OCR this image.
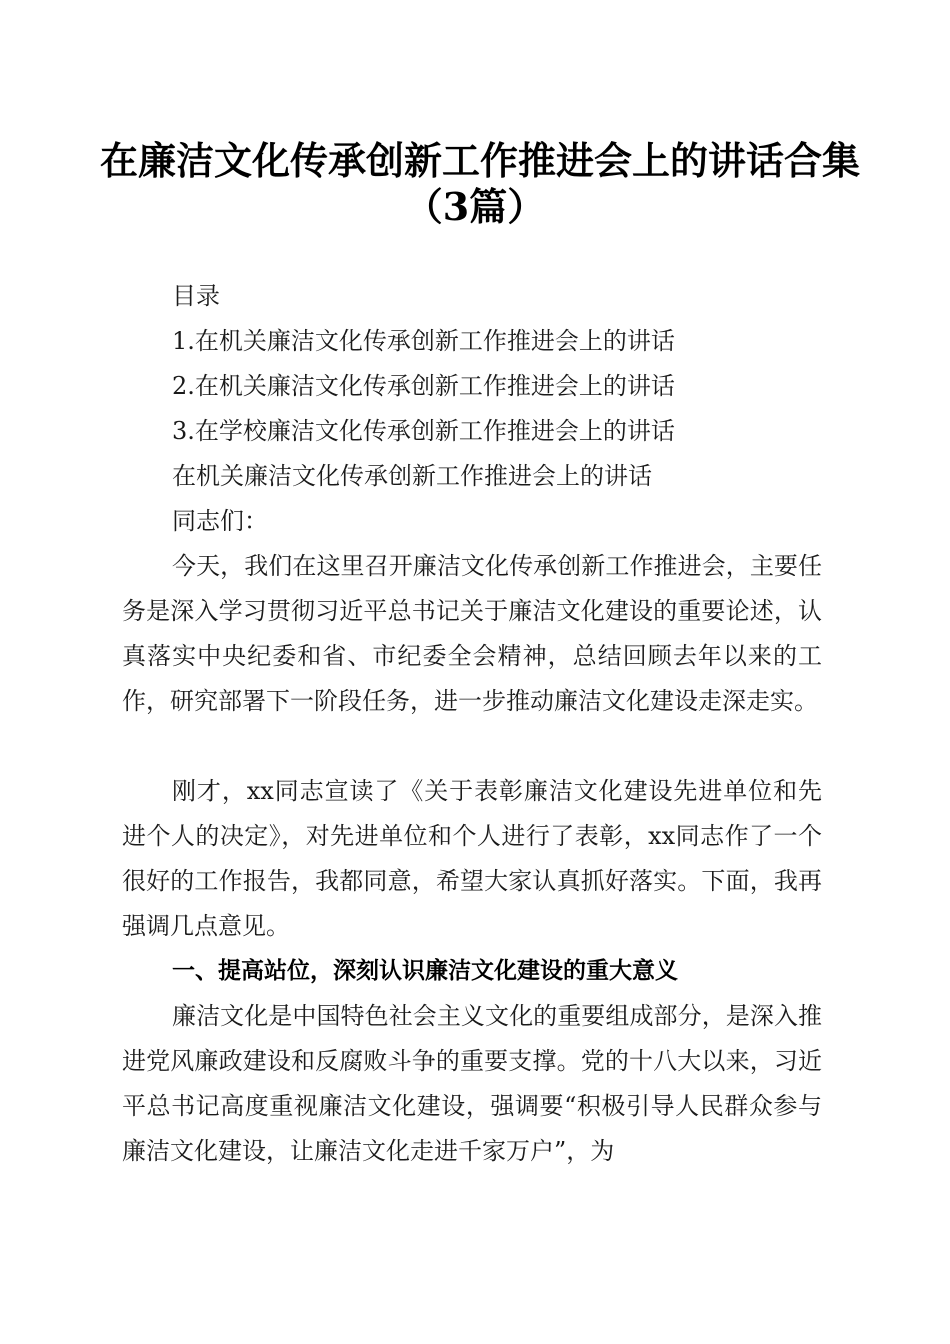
在廉洁文化传承创新工作推进会上的讲话合集
（3篇）
目录
1.在机关廉洁文化传承创新工作推进会上的讲话
2.在机关廉洁文化传承创新工作推进会上的讲话
3.在学校廉洁文化传承创新工作推进会上的讲话
在机关廉洁文化传承创新工作推进会上的讲话
同志们：
今天，我们在这里召开廉洁文化传承创新工作推进会，主要任务是深入学习贯彻习近平总书记关于廉洁文化建设的重要论述，认真落实中央纪委和省、市纪委全会精神，总结回顾去年以来的工作，研究部署下一阶段任务，进一步推动廉洁文化建设走深走实。
刚才，xx同志宣读了《关于表彰廉洁文化建设先进单位和先进个人的决定》，对先进单位和个人进行了表彰，xx同志作了一个很好的工作报告，我都同意，希望大家认真抓好落实。下面，我再强调几点意见。
一、提高站位，深刻认识廉洁文化建设的重大意义
廉洁文化是中国特色社会主义文化的重要组成部分，是深入推进党风廉政建设和反腐败斗争的重要支撑。党的十八大以来，习近平总书记高度重视廉洁文化建设，强调要“积极引导人民群众参与廉洁文化建设，让廉洁文化走进千家万户”，为
